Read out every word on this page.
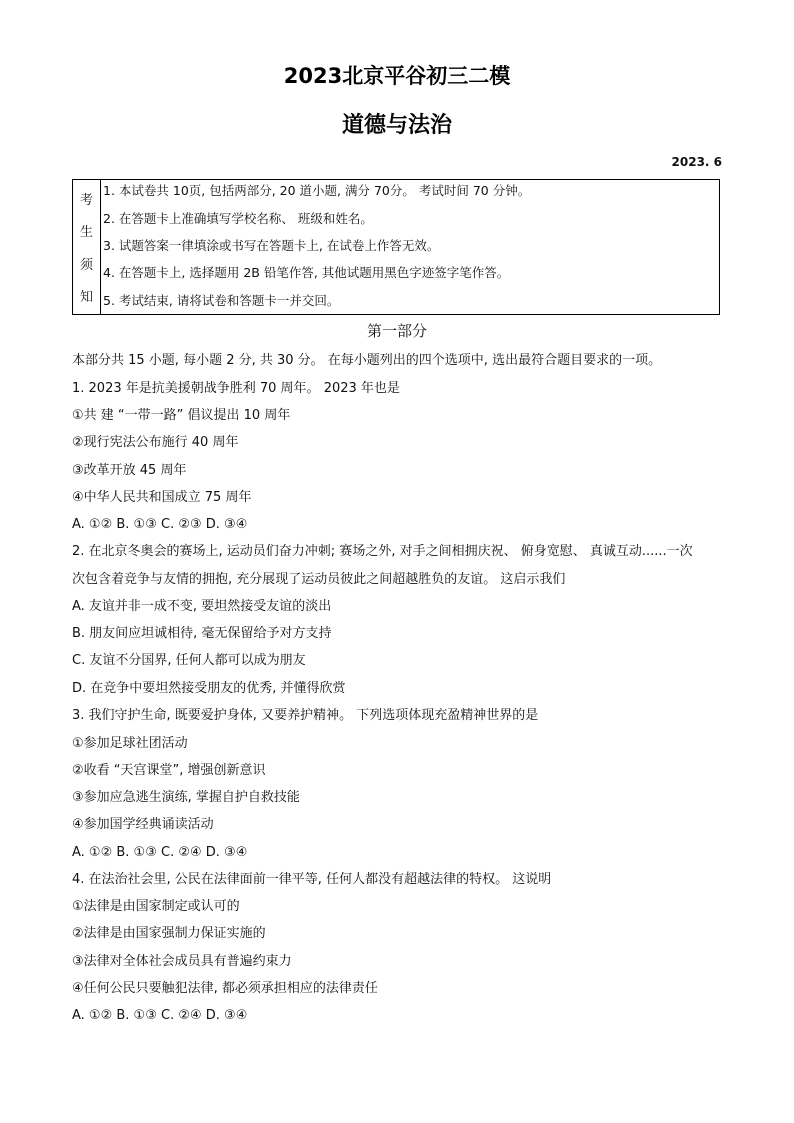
2023北京平谷初三二模
道德与法治
2023. 6
考
生
须
知
1. 本试卷共 10页, 包括两部分, 20 道小题, 满分 70分。 考试时间 70 分钟。
2. 在答题卡上准确填写学校名称、 班级和姓名。
3. 试题答案一律填涂或书写在答题卡上, 在试卷上作答无效。
4. 在答题卡上, 选择题用 2B 铅笔作答, 其他试题用黑色字迹签字笔作答。
5. 考试结束, 请将试卷和答题卡一并交回。
第一部分
本部分共 15 小题, 每小题 2 分, 共 30 分。 在每小题列出的四个选项中, 选出最符合题目要求的一项。
1. 2023 年是抗美援朝战争胜利 70 周年。 2023 年也是
①共 建 “一带一路” 倡议提出 10 周年
②现行宪法公布施行 40 周年
③改革开放 45 周年
④中华人民共和国成立 75 周年
A. ①② B. ①③ C. ②③ D. ③④
2. 在北京冬奥会的赛场上, 运动员们奋力冲刺; 赛场之外, 对手之间相拥庆祝、 俯身宽慰、 真诚互动......一次
次包含着竞争与友情的拥抱, 充分展现了运动员彼此之间超越胜负的友谊。 这启示我们
A. 友谊并非一成不变, 要坦然接受友谊的淡出
B. 朋友间应坦诚相待, 毫无保留给予对方支持
C. 友谊不分国界, 任何人都可以成为朋友
D. 在竞争中要坦然接受朋友的优秀, 并懂得欣赏
3. 我们守护生命, 既要爱护身体, 又要养护精神。 下列选项体现充盈精神世界的是
①参加足球社团活动
②收看 “天宫课堂”, 增强创新意识
③参加应急逃生演练, 掌握自护自救技能
④参加国学经典诵读活动
A. ①② B. ①③ C. ②④ D. ③④
4. 在法治社会里, 公民在法律面前一律平等, 任何人都没有超越法律的特权。 这说明
①法律是由国家制定或认可的
②法律是由国家强制力保证实施的
③法律对全体社会成员具有普遍约束力
④任何公民只要触犯法律, 都必须承担相应的法律责任
A. ①② B. ①③ C. ②④ D. ③④
